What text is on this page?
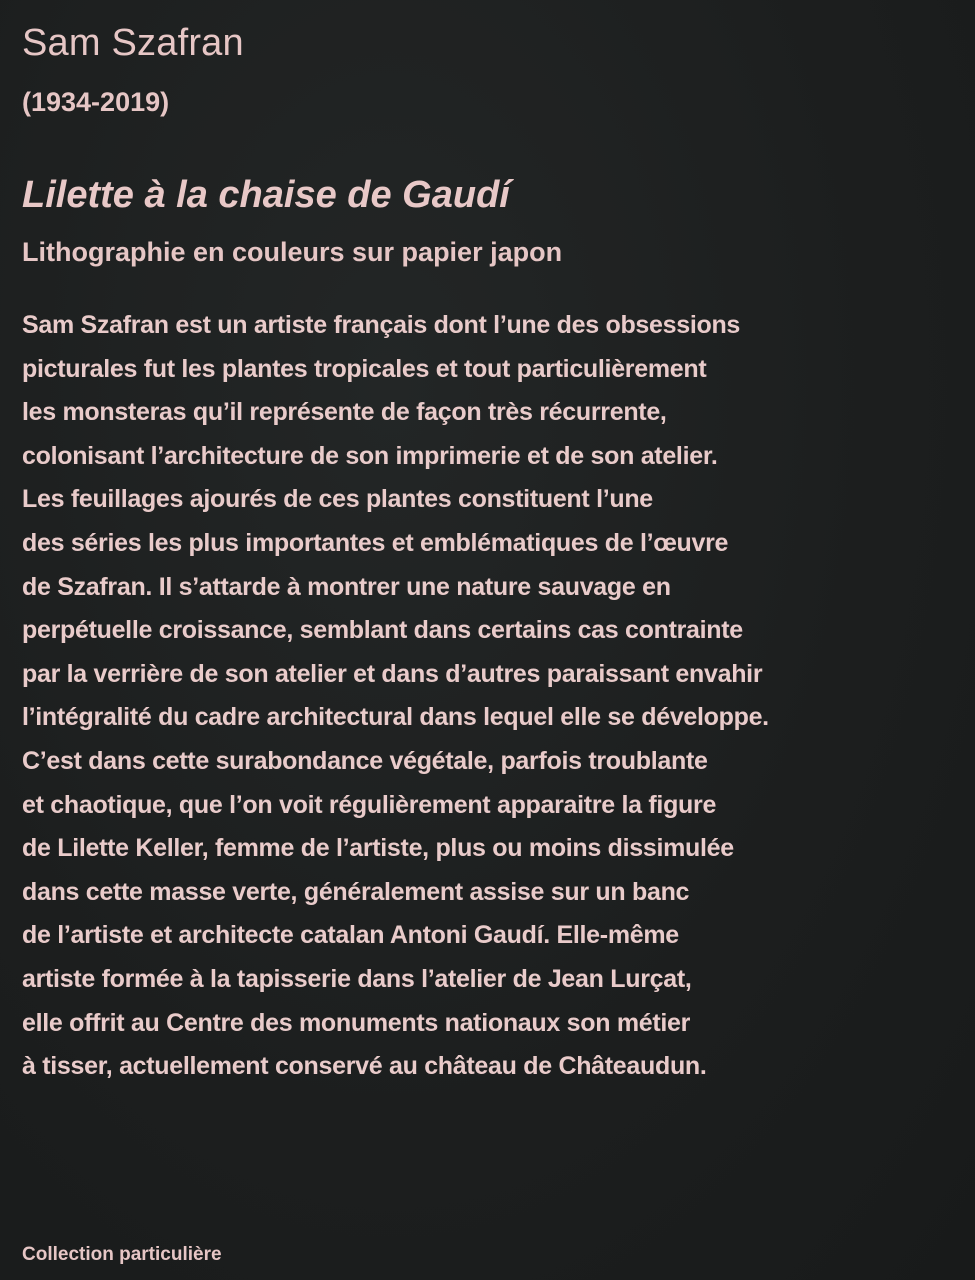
Sam Szafran

(1934-2019)

Lilette à la chaise de Gaudí

Lithographie en couleurs sur papier japon

Sam Szafran est un artiste français dont l’une des obsessions
picturales fut les plantes tropicales et tout particulièrement
les monsteras qu’il représente de façon très récurrente,
colonisant l’architecture de son imprimerie et de son atelier.
Les feuillages ajourés de ces plantes constituent l’une
des séries les plus importantes et emblématiques de l’œuvre
de Szafran. Il s’attarde à montrer une nature sauvage en
perpétuelle croissance, semblant dans certains cas contrainte
par la verrière de son atelier et dans d’autres paraissant envahir
l’intégralité du cadre architectural dans lequel elle se développe.
C’est dans cette surabondance végétale, parfois troublante
et chaotique, que l’on voit régulièrement apparaitre la figure
de Lilette Keller, femme de l’artiste, plus ou moins dissimulée
dans cette masse verte, généralement assise sur un banc
de l’artiste et architecte catalan Antoni Gaudí. Elle-même
artiste formée à la tapisserie dans l’atelier de Jean Lurçat,
elle offrit au Centre des monuments nationaux son métier
à tisser, actuellement conservé au château de Châteaudun.

Collection particulière
